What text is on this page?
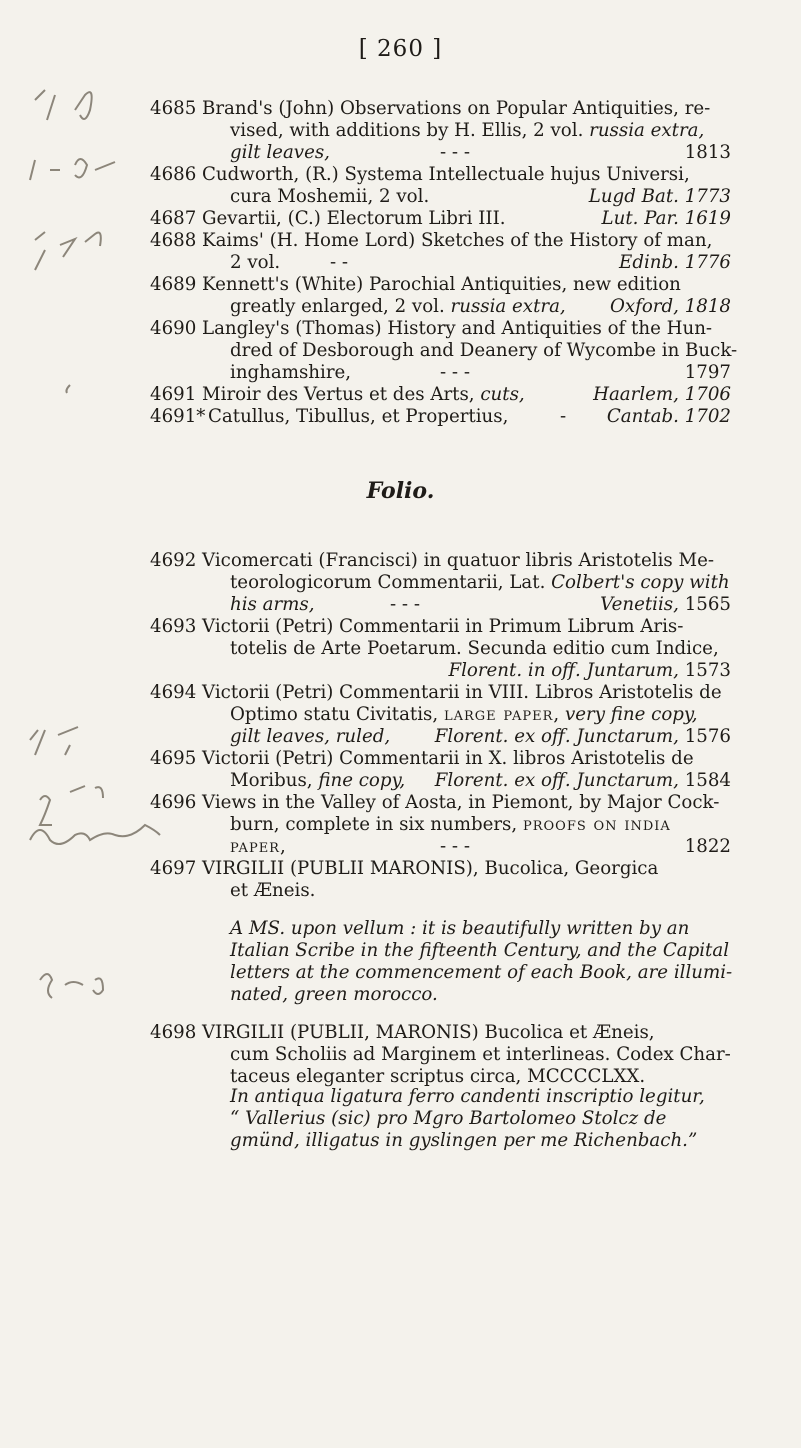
[ 260 ]
4685 Brand's (John) Observations on Popular Antiquities, re-
vised, with additions by H. Ellis, 2 vol. russia extra,
gilt leaves,	- - -	1813
4686 Cudworth, (R.) Systema Intellectuale hujus Universi,
cura Moshemii, 2 vol.	Lugd Bat. 1773
4687 Gevartii, (C.) Electorum Libri III.	Lut. Par. 1619
4688 Kaims' (H. Home Lord) Sketches of the History of man,
2 vol.	- -	Edinb. 1776
4689 Kennett's (White) Parochial Antiquities, new edition
greatly enlarged, 2 vol. russia extra, Oxford, 1818
4690 Langley's (Thomas) History and Antiquities of the Hun-
dred of Desborough and Deanery of Wycombe in Buck-
inghamshire,	- - -	1797
4691 Miroir des Vertus et des Arts, cuts,	Haarlem, 1706
4691* Catullus, Tibullus, et Propertius,	- Cantab. 1702
Folio.
4692 Vicomercati (Francisci) in quatuor libris Aristotelis Me-
teorologicorum Commentarii, Lat. Colbert's copy with
his arms,	- - -	Venetiis, 1565
4693 Victorii (Petri) Commentarii in Primum Librum Aris-
totelis de Arte Poetarum. Secunda editio cum Indice,
Florent. in off. Juntarum, 1573
4694 Victorii (Petri) Commentarii in VIII. Libros Aristotelis de
Optimo statu Civitatis, large paper, very fine copy,
gilt leaves, ruled, Florent. ex off. Junctarum, 1576
4695 Victorii (Petri) Commentarii in X. libros Aristotelis de
Moribus, fine copy, Florent. ex off. Junctarum, 1584
4696 Views in the Valley of Aosta, in Piemont, by Major Cock-
burn, complete in six numbers, proofs on india
paper,	- - -	1822
4697 VIRGILII (PUBLII MARONIS), Bucolica, Georgica
et Æneis.
A MS. upon vellum : it is beautifully written by an
Italian Scribe in the fifteenth Century, and the Capital
letters at the commencement of each Book, are illumi-
nated, green morocco.
4698 VIRGILII (PUBLII, MARONIS) Bucolica et Æneis,
cum Scholiis ad Marginem et interlineas. Codex Char-
taceus eleganter scriptus circa, MCCCCLXX.
In antiqua ligatura ferro candenti inscriptio legitur,
“ Vallerius (sic) pro Mgro Bartolomeo Stolcz de
gmünd, illigatus in gyslingen per me Richenbach.”
